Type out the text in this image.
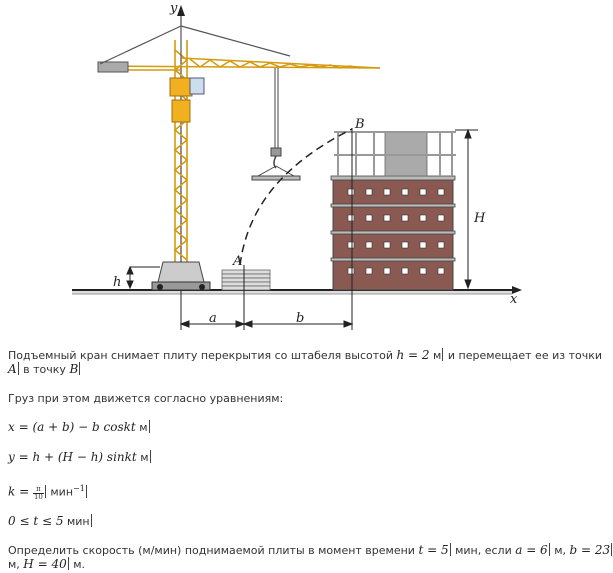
y
x
A
B
h
H
a	b
Подъемный кран снимает плиту перекрытия со штабеля высотой h = 2 м и перемещает ее из точки
A в точку B
Груз при этом движется согласно уравнениям:
x = (a + b) − b coskt м
y = h + (H − h) sinkt м
$k = \frac{\pi}{10} мин^{-1}$
0 ≤ t ≤ 5 мин
Определить скорость (м/мин) поднимаемой плиты в момент времени t = 5 мин, если a = 6 м, b = 23
м, H = 40 м.
